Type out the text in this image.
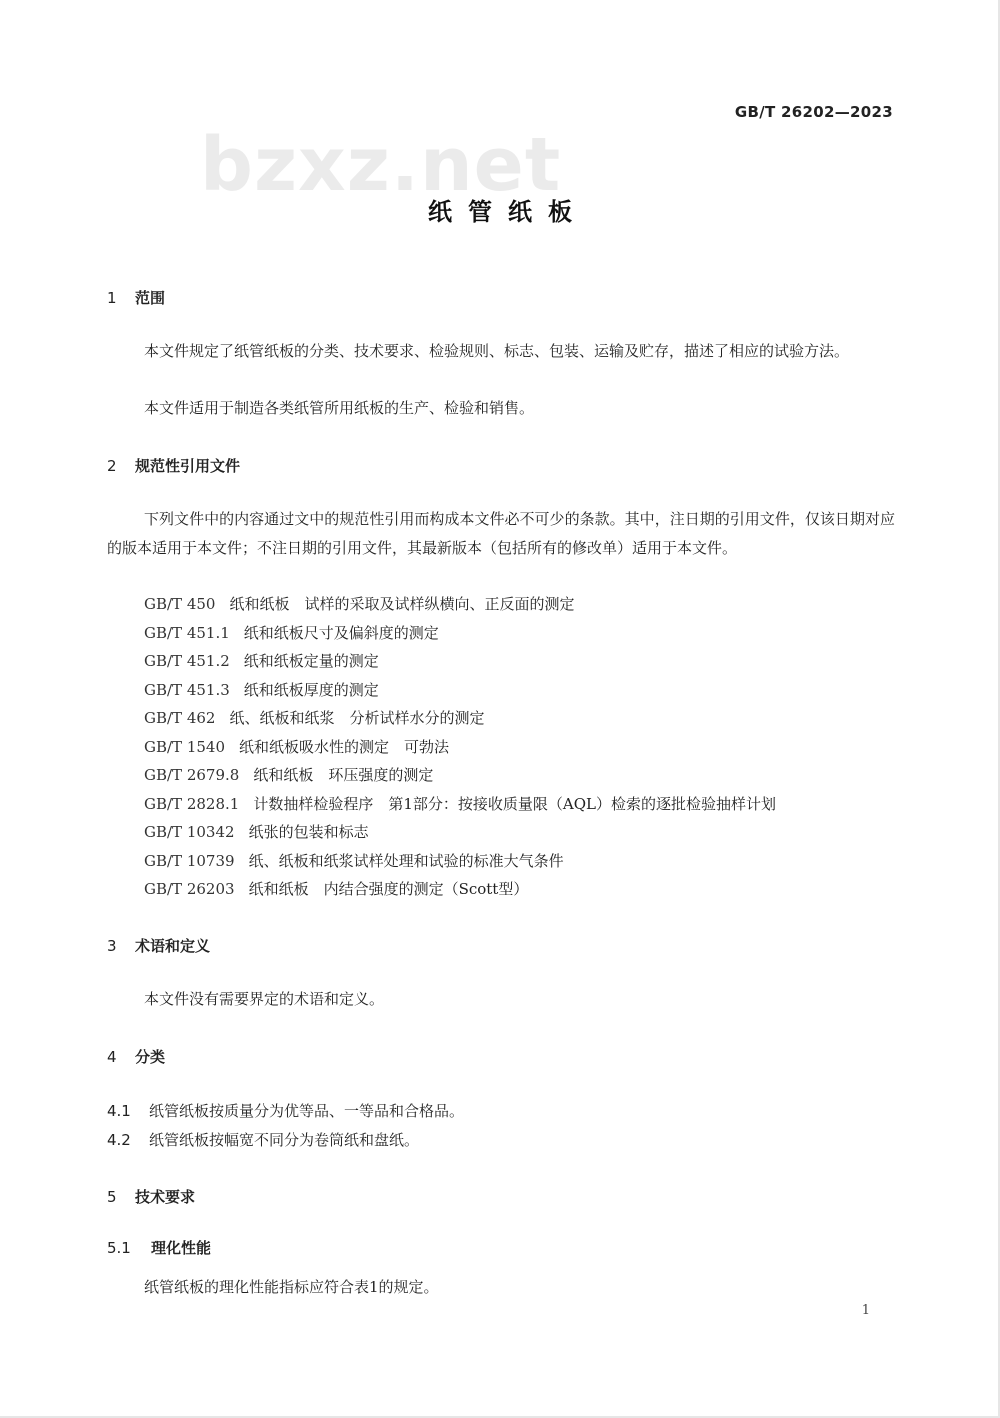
bzxz.net
GB/T 26202—2023
纸管纸板
1 范围
本文件规定了纸管纸板的分类、技术要求、检验规则、标志、包装、运输及贮存，描述了相应的试验方法。
本文件适用于制造各类纸管所用纸板的生产、检验和销售。
2 规范性引用文件
下列文件中的内容通过文中的规范性引用而构成本文件必不可少的条款。其中，注日期的引用文件，仅该日期对应的版本适用于本文件；不注日期的引用文件，其最新版本（包括所有的修改单）适用于本文件。
GB/T 450 纸和纸板　试样的采取及试样纵横向、正反面的测定
GB/T 451.1 纸和纸板尺寸及偏斜度的测定
GB/T 451.2 纸和纸板定量的测定
GB/T 451.3 纸和纸板厚度的测定
GB/T 462 纸、纸板和纸浆　分析试样水分的测定
GB/T 1540 纸和纸板吸水性的测定　可勃法
GB/T 2679.8 纸和纸板　环压强度的测定
GB/T 2828.1 计数抽样检验程序　第1部分：按接收质量限（AQL）检索的逐批检验抽样计划
GB/T 10342 纸张的包装和标志
GB/T 10739 纸、纸板和纸浆试样处理和试验的标准大气条件
GB/T 26203 纸和纸板　内结合强度的测定（Scott型）
3 术语和定义
本文件没有需要界定的术语和定义。
4 分类
4.1 纸管纸板按质量分为优等品、一等品和合格品。
4.2 纸管纸板按幅宽不同分为卷筒纸和盘纸。
5 技术要求
5.1 理化性能
纸管纸板的理化性能指标应符合表1的规定。
1
